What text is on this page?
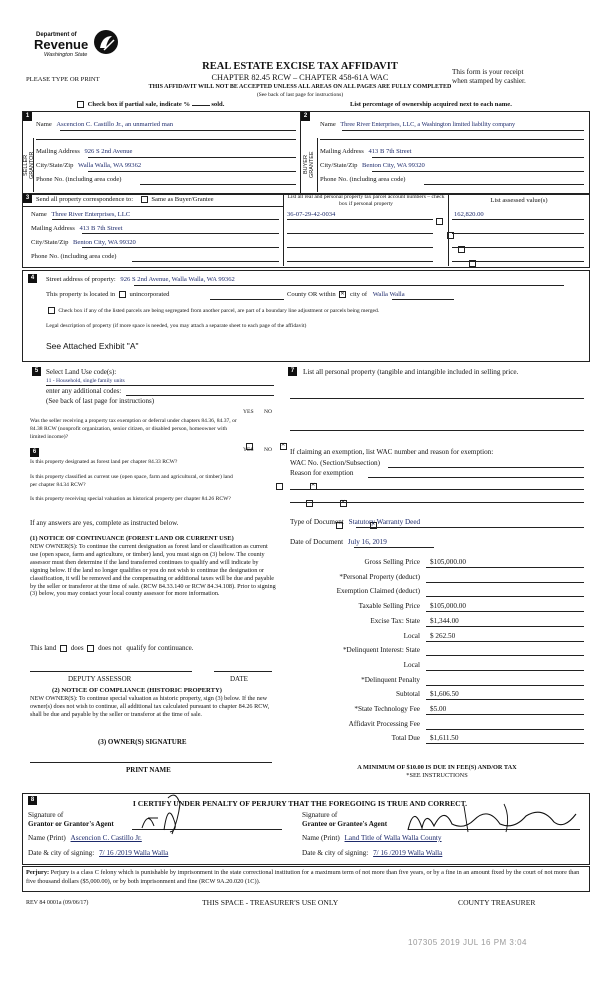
Department of
Revenue
Washington State
PLEASE TYPE OR PRINT
REAL ESTATE EXCISE TAX AFFIDAVIT
CHAPTER 82.45 RCW – CHAPTER 458-61A WAC
THIS AFFIDAVIT WILL NOT BE ACCEPTED UNLESS ALL AREAS ON ALL PAGES ARE FULLY COMPLETED
(See back of last page for instructions)
This form is your receipt
when stamped by cashier.
Check box if partial sale, indicate %	sold.	List percentage of ownership acquired next to each name.
1	2
SELLER GRANTOR	BUYER GRANTEE
Name Ascencion C. Castillo Jr., an unmarried man
Mailing Address 926 S 2nd Avenue
City/State/Zip Walla Walla, WA 99362
Phone No. (including area code)
Name Three River Enterprises, LLC, a Washington limited liability company
Mailing Address 413 B 7th Street
City/State/Zip Benton City, WA 99320
Phone No. (including area code)
3	Send all property correspondence to:	Same as Buyer/Grantee
Name Three River Enterprises, LLC
Mailing Address 413 B 7th Street
City/State/Zip Benton City, WA 99320
Phone No. (including area code)
List all real and personal property tax parcel account numbers – check box if personal property	List assessed value(s)
36-07-29-42-0034	162,820.00
4	Street address of property: 926 S 2nd Avenue, Walla Walla, WA 99362
This property is located in unincorporated	County OR within ✕ city of Walla Walla
Check box if any of the listed parcels are being segregated from another parcel, are part of a boundary line adjustment or parcels being merged.
Legal description of property (if more space is needed, you may attach a separate sheet to each page of the affidavit)
See Attached Exhibit "A"
5	Select Land Use code(s):
11 - Household, single family units
enter any additional codes:
(See back of last page for instructions)
YES NO
Was the seller receiving a property tax exemption or deferral under chapters 84.36, 84.37, or 84.38 RCW (nonprofit organization, senior citizen, or disabled person, homeowner with limited income)?
✕
6	YES NO
Is this property designated as forest land per chapter 84.33 RCW?
✕
Is this property classified as current use (open space, farm and agricultural, or timber) land per chapter 84.34 RCW?
✕
Is this property receiving special valuation as historical property per chapter 84.26 RCW?
✕
If any answers are yes, complete as instructed below.
(1) NOTICE OF CONTINUANCE (FOREST LAND OR CURRENT USE)
NEW OWNER(S): To continue the current designation as forest land or classification as current use (open space, farm and agriculture, or timber) land, you must sign on (3) below. The county assessor must then determine if the land transferred continues to qualify and will indicate by signing below. If the land no longer qualifies or you do not wish to continue the designation or classification, it will be removed and the compensating or additional taxes will be due and payable by the seller or transferor at the time of sale. (RCW 84.33.140 or RCW 84.34.108). Prior to signing (3) below, you may contact your local county assessor for more information.
This land does does not qualify for continuance.
DEPUTY ASSESSOR	DATE
(2) NOTICE OF COMPLIANCE (HISTORIC PROPERTY)
NEW OWNER(S): To continue special valuation as historic property, sign (3) below. If the new owner(s) does not wish to continue, all additional tax calculated pursuant to chapter 84.26 RCW, shall be due and payable by the seller or transferor at the time of sale.
(3) OWNER(S) SIGNATURE
PRINT NAME
7	List all personal property (tangible and intangible included in selling price.
If claiming an exemption, list WAC number and reason for exemption:
WAC No. (Section/Subsection)
Reason for exemption
Type of Document Statutory Warranty Deed
Date of Document July 16, 2019
Gross Selling Price $105,000.00
*Personal Property (deduct)
Exemption Claimed (deduct)
Taxable Selling Price $105,000.00
Excise Tax: State $1,344.00
Local $ 262.50
*Delinquent Interest: State
Local
*Delinquent Penalty
Subtotal $1,606.50
*State Technology Fee $5.00
Affidavit Processing Fee
Total Due $1,611.50
A MINIMUM OF $10.00 IS DUE IN FEE(S) AND/OR TAX
*SEE INSTRUCTIONS
8	I CERTIFY UNDER PENALTY OF PERJURY THAT THE FOREGOING IS TRUE AND CORRECT.
Signature of
Grantor or Grantor's Agent
Signature of
Grantee or Grantee's Agent
Name (Print) Ascencion C. Castillo Jr.	Name (Print) Land Title of Walla Walla County
Date & city of signing: 7/ 16 /2019 Walla Walla	Date & city of signing: 7/ 16 /2019 Walla Walla
Perjury: Perjury is a class C felony which is punishable by imprisonment in the state correctional institution for a maximum term of not more than five years, or by a fine in an amount fixed by the court of not more than five thousand dollars ($5,000.00), or by both imprisonment and fine (RCW 9A.20.020 (1C)).
REV 84 0001a (09/06/17)	THIS SPACE - TREASURER'S USE ONLY	COUNTY TREASURER
107305 2019 JUL 16 PM 3:04
